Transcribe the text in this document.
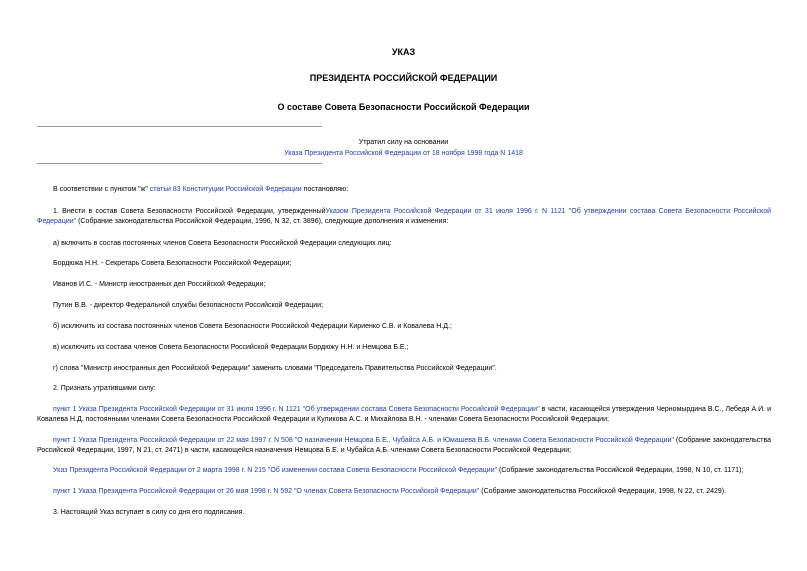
УКАЗ

ПРЕЗИДЕНТА РОССИЙСКОЙ ФЕДЕРАЦИИ

О составе Совета Безопасности Российской Федерации

Утратил силу на основании

Указа Президента Российской Федерации от 18 ноября 1998 года N 1418

В соответствии с пунктом "ж" статьи 83 Конституции Российской Федерации постановляю:

1. Внести в состав Совета Безопасности Российской Федерации, утвержденныйУказом Президента Российской Федерации от 31 июля 1996 г. N 1121 "Об утверждении состава Совета Безопасности Российской Федерации" (Собрание законодательства Российской Федерации, 1996, N 32, ст. 3896), следующие дополнения и изменения:

а) включить в состав постоянных членов Совета Безопасности Российской Федерации следующих лиц:

Бордюжа Н.Н. - Секретарь Совета Безопасности Российской Федерации;

Иванов И.С. - Министр иностранных дел Российской Федерации;

Путин В.В. - директор Федеральной службы безопасности Российской Федерации;

б) исключить из состава постоянных членов Совета Безопасности Российской Федерации Кириенко С.В. и Ковалева Н.Д.;

в) исключить из состава членов Совета Безопасности Российской Федерации Бордюжу Н.Н. и Немцова Б.Е.;

г) слова "Министр иностранных дел Российской Федерации" заменить словами "Председатель Правительства Российской Федерации".

2. Признать утратившими силу:

пункт 1 Указа Президента Российской Федерации от 31 июля 1996 г. N 1121 "Об утверждении состава Совета Безопасности Российской Федерации" в части, касающейся утверждения Черномырдина В.С., Лебедя А.И. и Ковалева Н.Д. постоянными членами Совета Безопасности Российской Федерации и Куликова А.С. и Михайлова В.Н. - членами Совета Безопасности Российской Федерации;

пункт 1 Указа Президента Российской Федерации от 22 мая 1997 г. N 508 "О назначении Немцова Б.Е., Чубайса А.Б. и Юмашева В.Б. членами Совета Безопасности Российской Федерации" (Собрание законодательства Российской Федерации, 1997, N 21, ст. 2471) в части, касающейся назначения Немцова Б.Е. и Чубайса А.Б. членами Совета Безопасности Российской Федерации;

Указ Президента Российской Федерации от 2 марта 1998 г. N 215 "Об изменении состава Совета Безопасности Российской Федерации" (Собрание законодательства Российской Федерации, 1998, N 10, ст. 1171);

пункт 1 Указа Президента Российской Федерации от 26 мая 1998 г. N 592 "О членах Совета Безопасности Российской Федерации" (Собрание законодательства Российской Федерации, 1998, N 22, ст. 2429).

3. Настоящий Указ вступает в силу со дня его подписания.
